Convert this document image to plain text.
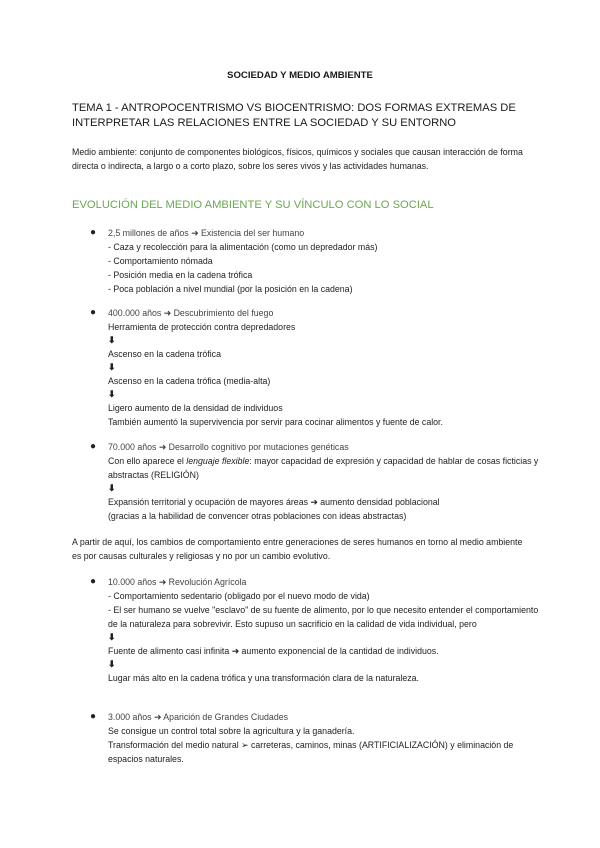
SOCIEDAD Y MEDIO AMBIENTE
TEMA 1 - ANTROPOCENTRISMO VS BIOCENTRISMO: DOS FORMAS EXTREMAS DE INTERPRETAR LAS RELACIONES ENTRE LA SOCIEDAD Y SU ENTORNO
Medio ambiente: conjunto de componentes biológicos, físicos, químicos y sociales que causan interacción de forma directa o indirecta, a largo o a corto plazo, sobre los seres vivos y las actividades humanas.
EVOLUCIÓN DEL MEDIO AMBIENTE Y SU VÍNCULO CON LO SOCIAL
● 2,5 millones de años ➜ Existencia del ser humano
- Caza y recolección para la alimentación (como un depredador más)
- Comportamiento nómada
- Posición media en la cadena trófica
- Poca población a nivel mundial (por la posición en la cadena)
● 400.000 años ➜ Descubrimiento del fuego
Herramienta de protección contra depredadores
⬇
Ascenso en la cadena trófica
⬇
Ascenso en la cadena trófica (media-alta)
⬇
Ligero aumento de la densidad de individuos
También aumentó la supervivencia por servir para cocinar alimentos y fuente de calor.
● 70.000 años ➜ Desarrollo cognitivo por mutaciones genéticas
Con ello aparece el lenguaje flexible: mayor capacidad de expresión y capacidad de hablar de cosas ficticias y abstractas (RELIGIÓN)
⬇
Expansión territorial y ocupación de mayores áreas ➜ aumento densidad poblacional
(gracias a la habilidad de convencer otras poblaciones con ideas abstractas)
A partir de aquí, los cambios de comportamiento entre generaciones de seres humanos en torno al medio ambiente es por causas culturales y religiosas y no por un cambio evolutivo.
● 10.000 años ➜ Revolución Agrícola
- Comportamiento sedentario (obligado por el nuevo modo de vida)
- El ser humano se vuelve "esclavo" de su fuente de alimento, por lo que necesito entender el comportamiento de la naturaleza para sobrevivir. Esto supuso un sacrificio en la calidad de vida individual, pero
⬇
Fuente de alimento casi infinita ➜ aumento exponencial de la cantidad de individuos.
⬇
Lugar más alto en la cadena trófica y una transformación clara de la naturaleza.
● 3.000 años ➜ Aparición de Grandes Ciudades
Se consigue un control total sobre la agricultura y la ganadería.
Transformación del medio natural ➢ carreteras, caminos, minas (ARTIFICIALIZACIÓN) y eliminación de espacios naturales.
